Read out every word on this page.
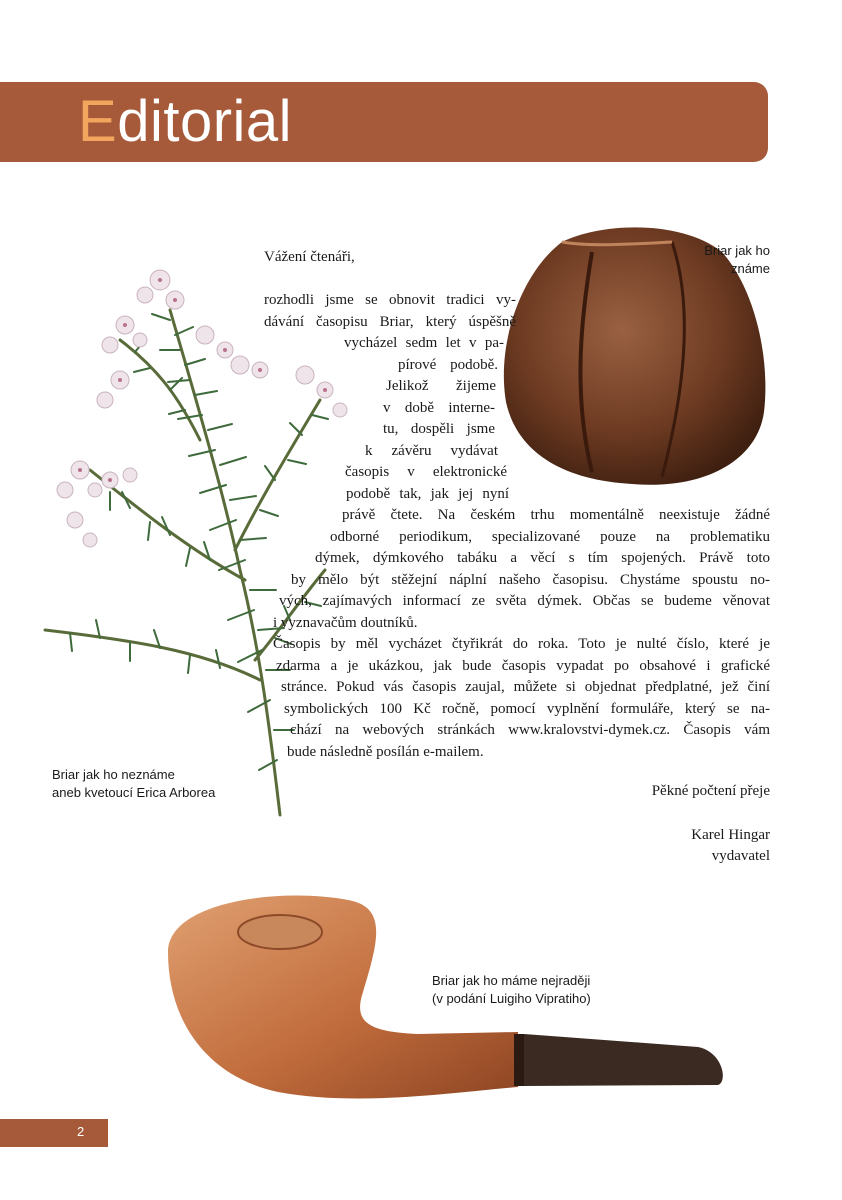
Editorial
Briar jak ho
známe
Briar jak ho neznáme
aneb kvetoucí Erica Arborea
Briar jak ho máme nejraději
(v podání Luigiho Vipratiho)
Vážení čtenáři,
rozhodli jsme se obnovit tradici vy-
dávání časopisu Briar, který úspěšně
vycházel sedm let v pa-
pírové podobě.
Jelikož žijeme
v době interne-
tu, dospěli jsme
k závěru vydávat
časopis v elektronické
podobě tak, jak jej nyní
právě čtete. Na českém trhu momentálně neexistuje žádné
odborné periodikum, specializované pouze na problematiku
dýmek, dýmkového tabáku a věcí s tím spojených. Právě toto
by mělo být stěžejní náplní našeho časopisu. Chystáme spoustu no-
vých, zajímavých informací ze světa dýmek. Občas se budeme věnovat
i vyznavačům doutníků.
Časopis by měl vycházet čtyřikrát do roka. Toto je nulté číslo, které je
zdarma a je ukázkou, jak bude časopis vypadat po obsahové i grafické
stránce. Pokud vás časopis zaujal, můžete si objednat předplatné, jež činí
symbolických 100 Kč ročně, pomocí vyplnění formuláře, který se na-
chází na webových stránkách www.kralovstvi-dymek.cz. Časopis vám
bude následně posílán e-mailem.
Pěkné počtení přeje
Karel Hingar
vydavatel
2
